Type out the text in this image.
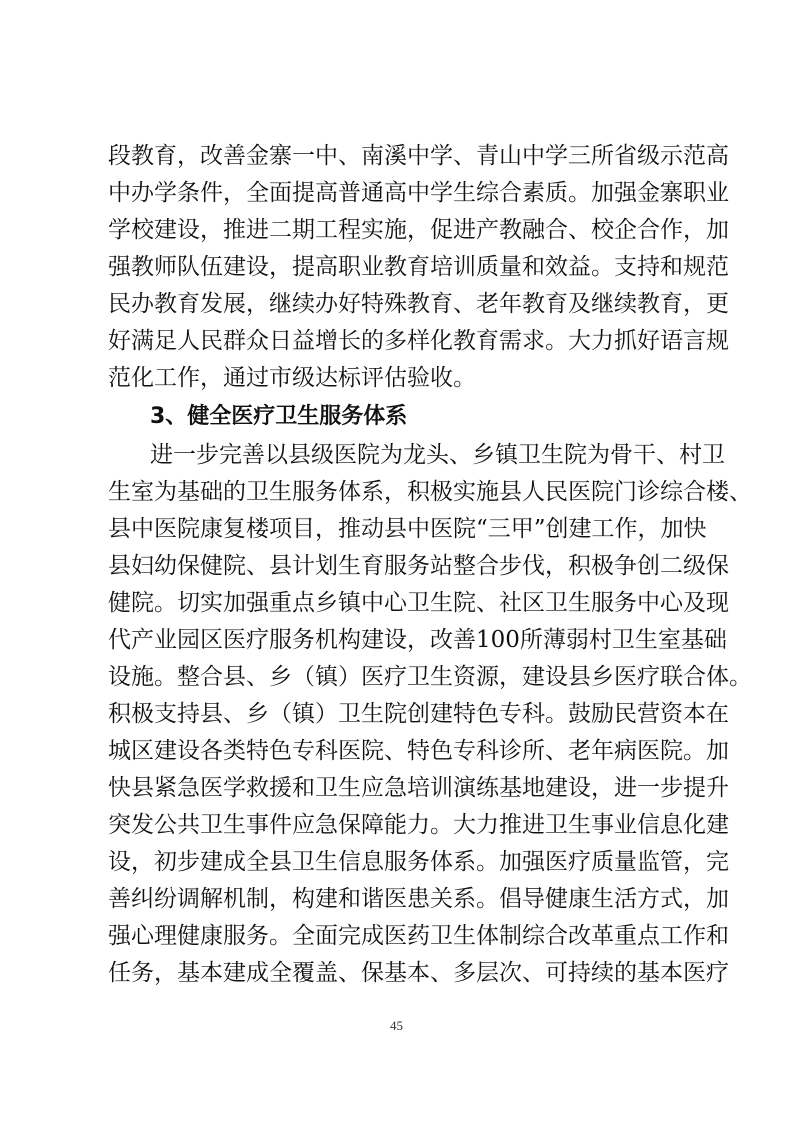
段教育，改善金寨一中、南溪中学、青山中学三所省级示范高
中办学条件，全面提高普通高中学生综合素质。加强金寨职业
学校建设，推进二期工程实施，促进产教融合、校企合作，加
强教师队伍建设，提高职业教育培训质量和效益。支持和规范
民办教育发展，继续办好特殊教育、老年教育及继续教育，更
好满足人民群众日益增长的多样化教育需求。大力抓好语言规
范化工作，通过市级达标评估验收。
3、健全医疗卫生服务体系
进一步完善以县级医院为龙头、乡镇卫生院为骨干、村卫
生室为基础的卫生服务体系，积极实施县人民医院门诊综合楼、
县中医院康复楼项目，推动县中医院“三甲”创建工作，加快
县妇幼保健院、县计划生育服务站整合步伐，积极争创二级保
健院。切实加强重点乡镇中心卫生院、社区卫生服务中心及现
代产业园区医疗服务机构建设，改善100所薄弱村卫生室基础
设施。整合县、乡（镇）医疗卫生资源，建设县乡医疗联合体。
积极支持县、乡（镇）卫生院创建特色专科。鼓励民营资本在
城区建设各类特色专科医院、特色专科诊所、老年病医院。加
快县紧急医学救援和卫生应急培训演练基地建设，进一步提升
突发公共卫生事件应急保障能力。大力推进卫生事业信息化建
设，初步建成全县卫生信息服务体系。加强医疗质量监管，完
善纠纷调解机制，构建和谐医患关系。倡导健康生活方式，加
强心理健康服务。全面完成医药卫生体制综合改革重点工作和
任务，基本建成全覆盖、保基本、多层次、可持续的基本医疗
45
